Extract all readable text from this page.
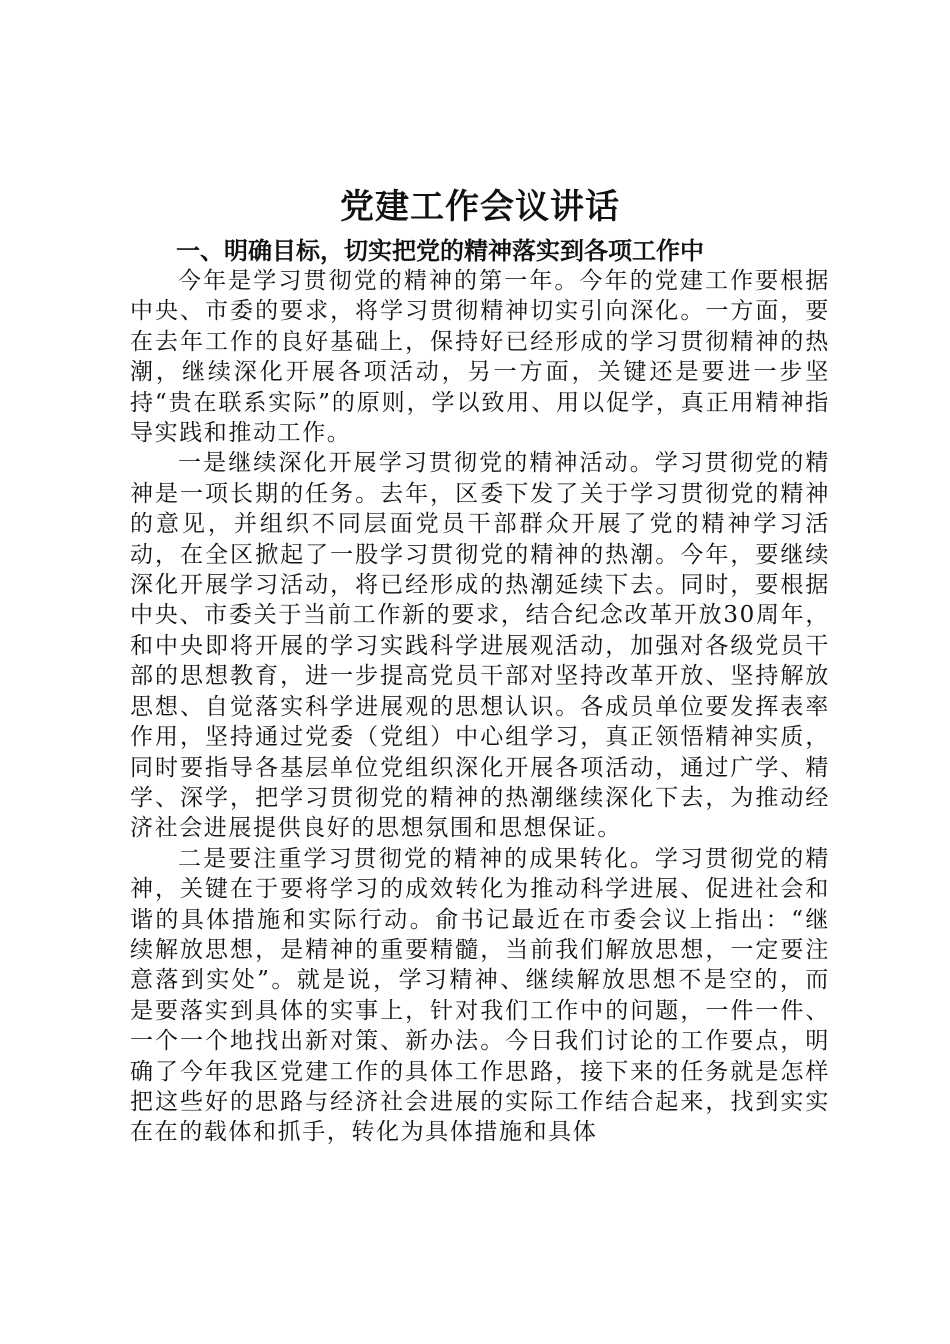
党建工作会议讲话
一、明确目标，切实把党的精神落实到各项工作中

今年是学习贯彻党的精神的第一年。今年的党建工作要根据中央、市委的要求，将学习贯彻精神切实引向深化。一方面，要在去年工作的良好基础上，保持好已经形成的学习贯彻精神的热潮，继续深化开展各项活动，另一方面，关键还是要进一步坚持“贵在联系实际”的原则，学以致用、用以促学，真正用精神指导实践和推动工作。

一是继续深化开展学习贯彻党的精神活动。学习贯彻党的精神是一项长期的任务。去年，区委下发了关于学习贯彻党的精神的意见，并组织不同层面党员干部群众开展了党的精神学习活动，在全区掀起了一股学习贯彻党的精神的热潮。今年，要继续深化开展学习活动，将已经形成的热潮延续下去。同时，要根据中央、市委关于当前工作新的要求，结合纪念改革开放30周年，和中央即将开展的学习实践科学进展观活动，加强对各级党员干部的思想教育，进一步提高党员干部对坚持改革开放、坚持解放思想、自觉落实科学进展观的思想认识。各成员单位要发挥表率作用，坚持通过党委（党组）中心组学习，真正领悟精神实质，同时要指导各基层单位党组织深化开展各项活动，通过广学、精学、深学，把学习贯彻党的精神的热潮继续深化下去，为推动经济社会进展提供良好的思想氛围和思想保证。

二是要注重学习贯彻党的精神的成果转化。学习贯彻党的精神，关键在于要将学习的成效转化为推动科学进展、促进社会和谐的具体措施和实际行动。俞书记最近在市委会议上指出：“继续解放思想，是精神的重要精髓，当前我们解放思想，一定要注意落到实处”。就是说，学习精神、继续解放思想不是空的，而是要落实到具体的实事上，针对我们工作中的问题，一件一件、一个一个地找出新对策、新办法。今日我们讨论的工作要点，明确了今年我区党建工作的具体工作思路，接下来的任务就是怎样把这些好的思路与经济社会进展的实际工作结合起来，找到实实在在的载体和抓手，转化为具体措施和具体
